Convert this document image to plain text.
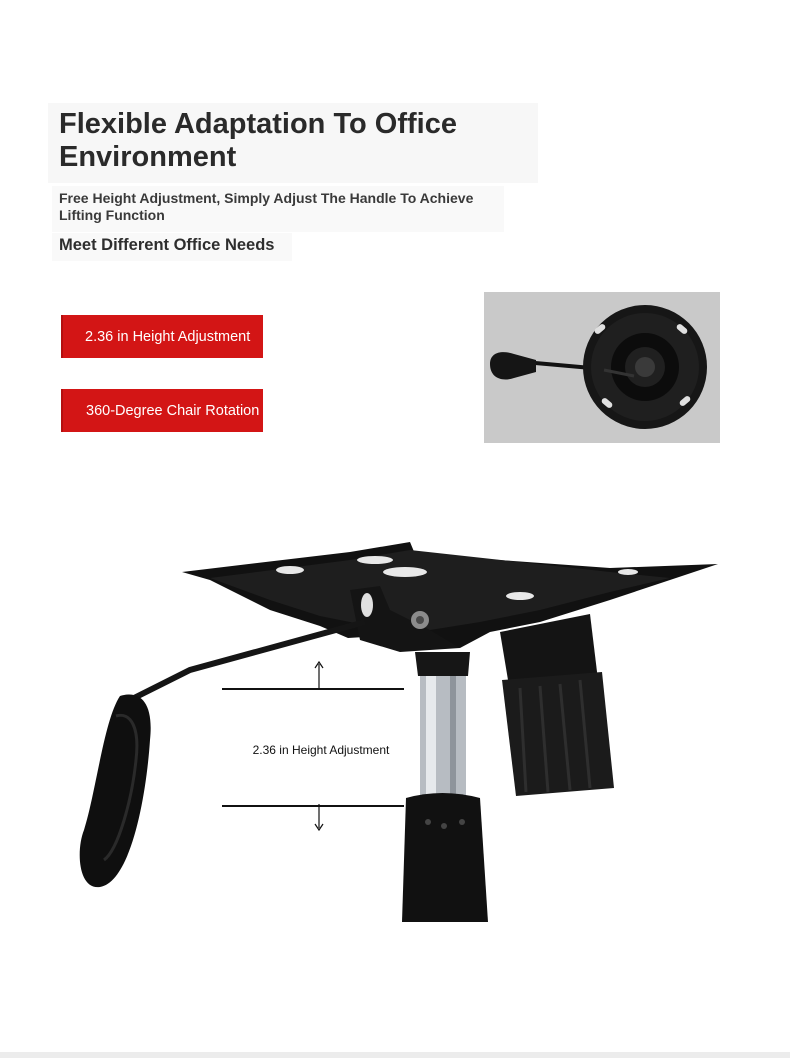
Flexible Adaptation To Office Environment

Free Height Adjustment, Simply Adjust The Handle To Achieve Lifting Function

Meet Different Office Needs

2.36 in Height Adjustment
360-Degree Chair Rotation
2.36 in Height Adjustment
